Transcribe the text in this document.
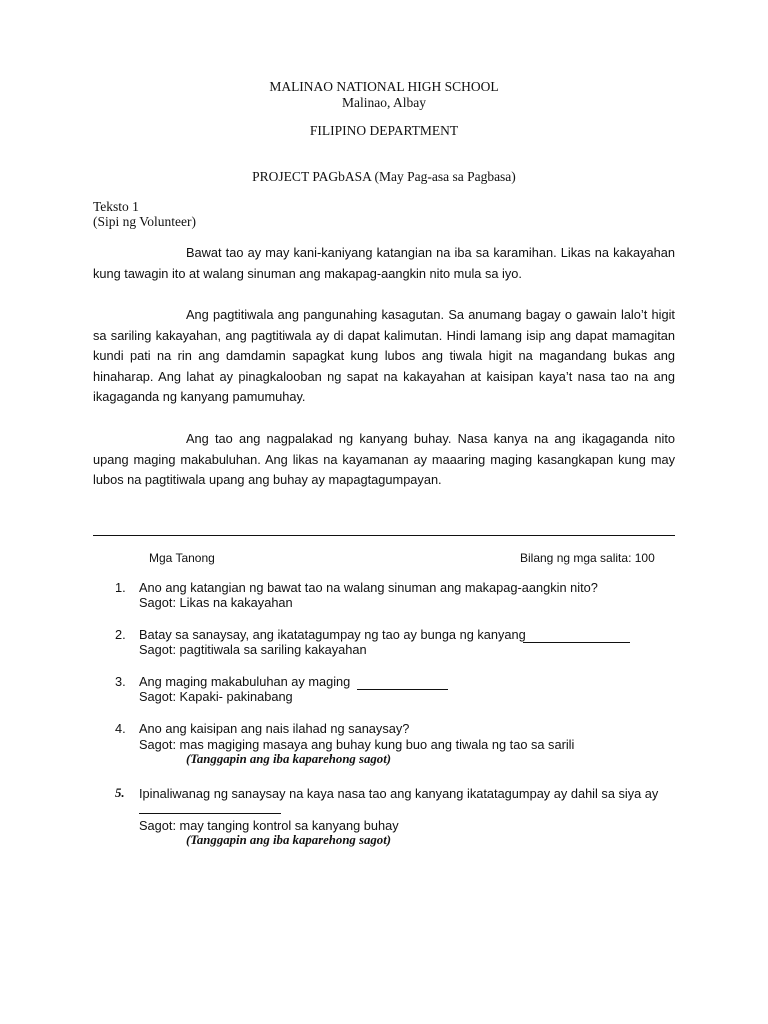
MALINAO NATIONAL HIGH SCHOOL
Malinao, Albay
FILIPINO DEPARTMENT
PROJECT PAGbASA (May Pag-asa sa Pagbasa)
Teksto 1
(Sipi ng Volunteer)
Bawat tao ay may kani-kaniyang katangian na iba sa karamihan. Likas na kakayahan kung tawagin ito at walang sinuman ang makapag-aangkin nito mula sa iyo.
Ang pagtitiwala ang pangunahing kasagutan. Sa anumang bagay o gawain lalo’t higit sa sariling kakayahan, ang pagtitiwala ay di dapat kalimutan. Hindi lamang isip ang dapat mamagitan kundi pati na rin ang damdamin sapagkat kung lubos ang tiwala higit na magandang bukas ang hinaharap. Ang lahat ay pinagkalooban ng sapat na kakayahan at kaisipan kaya’t nasa tao na ang ikagaganda ng kanyang pamumuhay.
Ang tao ang nagpalakad ng kanyang buhay. Nasa kanya na ang ikagaganda nito upang maging makabuluhan. Ang likas na kayamanan ay maaaring maging kasangkapan kung may lubos na pagtitiwala upang ang buhay ay mapagtagumpayan.
Mga Tanong	Bilang ng mga salita: 100
1. Ano ang katangian ng bawat tao na walang sinuman ang makapag-aangkin nito?
Sagot: Likas na kakayahan
2. Batay sa sanaysay, ang ikatatagumpay ng tao ay bunga ng kanyang
Sagot: pagtitiwala sa sariling kakayahan
3. Ang maging makabuluhan ay maging
Sagot: Kapaki- pakinabang
4. Ano ang kaisipan ang nais ilahad ng sanaysay?
Sagot: mas magiging masaya ang buhay kung buo ang tiwala ng tao sa sarili
(Tanggapin ang iba kaparehong sagot)
5. Ipinaliwanag ng sanaysay na kaya nasa tao ang kanyang ikatatagumpay ay dahil sa siya ay
Sagot: may tanging kontrol sa kanyang buhay
(Tanggapin ang iba kaparehong sagot)
